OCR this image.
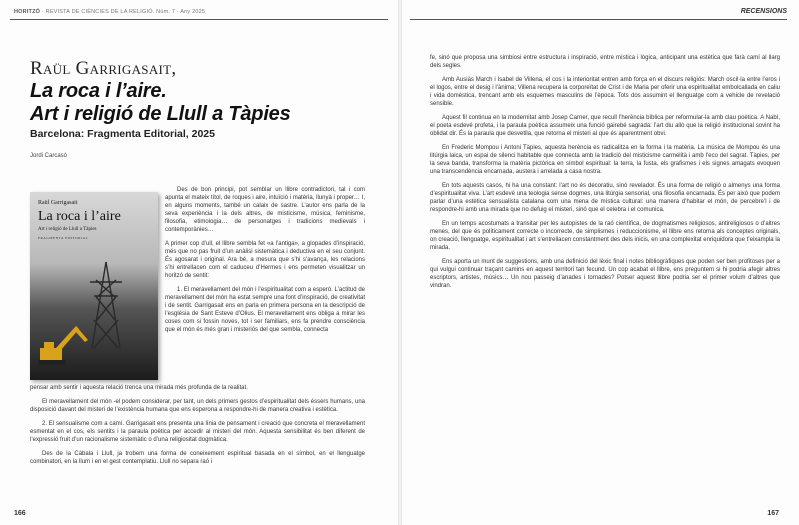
HORITZÓ · REVISTA DE CIÈNCIES DE LA RELIGIÓ. Núm. 7 · Any 2025
Raül Garrigasait,
La roca i l’aire.
Art i religió de Llull a Tàpies
Barcelona: Fragmenta Editorial, 2025
Jordi Carcasó
Raül Garrigasait
La roca i l’aire
Art i religió de Llull a Tàpies
FRAGMENTA EDITORIAL

Des de bon principi, pot semblar un llibre contradictori, tal i com apunta el mateix títol, de roques i aire, intuïció i matèria, llunyà i proper… I, en alguns moments, també un calaix de sastre. L’autor ens parla de la seva experiència i la dels altres, de misticisme, música, feminisme, filosofia, etimologia… de personatges i tradicions medievals i contemporànies…

A primer cop d’ull, el llibre sembla fet «a l’antiga», a glopades d’inspiració, més que no pas fruit d’un anàlisi sistemàtica i deductiva en el seu conjunt. És agosarat i original. Ara bé, a mesura que s’hi s’avança, les relacions s’hi entrellacen com el caduceu d’Hermes i ens permeten visualitzar un horitzó de sentit:

1. El meravellament del món i l’espiritualitat com a esperó. L’actitud de meravellament del món ha estat sempre una font d’inspiració, de creativitat i de sentit. Garrigasait ens en parla en primera persona en la descripció de l’església de Sant Esteve d’Olius. El meravellament ens obliga a mirar les coses com si fossin noves, tot i ser familiars, ens fa prendre consciència que el món és més gran i misteriós del que sembla, connecta

pensar amb sentir i aquesta relació trenca una mirada més profunda de la realitat.

El meravellament del món -el podem considerar, per tant, un dels primers gestos d’espiritualitat dels éssers humans, una disposició davant del misteri de l’existència humana que ens esperona a respondre-hi de manera creativa i estètica.

2. El sensualisme com a camí. Garrigasait ens presenta una línia de pensament i creació que concreta el meravellament esmentat en el cos, els sentits i la paraula poètica per accedir al misteri del món. Aquesta sensibilitat és ben diferent de l’expressió fruit d’un racionalisme sistemàtic o d’una religiositat dogmàtica.

Des de la Càbala i Llull, ja trobem una forma de coneixement espiritual basada en el símbol, en el llenguatge combinatori, en la llum i en el gest contemplatiu. Llull no separa raó i

166
RECENSIONS

fe, sinó que proposa una simbiosi entre estructura i inspiració, entre mística i lògica, anticipant una estètica que farà camí al llarg dels segles.

Amb Ausiàs March i Isabel de Villena, el cos i la interioritat entren amb força en el discurs religiós: March oscil·la entre l’eros i el logos, entre el desig i l’ànima; Villena recupera la corporeïtat de Crist i de Maria per oferir una espiritualitat embolcallada en caliu i vida domèstica, trencant amb els esquemes masculins de l’època. Tots dos assumint el llenguatge com a vehicle de revelació sensible.

Aquest fil continua en la modernitat amb Josep Carner, que recull l’herència bíblica per reformular-la amb clau poètica. A Nabí, el poeta esdevé profeta, i la paraula poètica assumeix una funció gairebé sagrada: l’art diu allò que la religió institucional sovint ha oblidat dir. És la paraula que desvetlla, que retorna el misteri al que és aparentment obvi.

En Frederic Mompou i Antoni Tàpies, aquesta herència es radicalitza en la forma i la matèria. La música de Mompou és una litúrgia laica, un espai de silenci habitable que connecta amb la tradició del misticisme carmelità i amb l’eco del sagrat. Tàpies, per la seva banda, transforma la matèria pictòrica en símbol espiritual: la terra, la fusta, els grafismes i els signes amagats evoquen una transcendència encarnada, austera i arrelada a casa nostra.

En tots aquests casos, hi ha una constant: l’art no és decoratiu, sinó revelador. És una forma de religió o almenys una forma d’espiritualitat viva. L’art esdevé una teologia sense dogmes, una litúrgia sensorial, una filosofia encarnada. És per això que podem parlar d’una estètica sensualista catalana com una mena de mística cultural: una manera d’habitar el món, de percebre’l i de respondre-hi amb una mirada que no defuig el misteri, sinó que el celebra i el comunica.

En un temps acostumats a transitar per les autopistes de la raó científica, de dogmatismes religiosos, antireligiosos o d’altres menes, del que és políticament correcte o incorrecte, de simplismes i reduccionisme, el llibre ens retorna als conceptes originals, on creació, llenguatge, espiritualitat i art s’entrellacen constantment des dels inicis, en una complexitat enriquidora que t’eixampla la mirada.

Ens aporta un munt de suggestions, amb una definició del lèxic final i notes bibliogràfiques que poden ser ben profitoses per a qui vulgui continuar traçant camins en aquest territori tan fecund. Un cop acabat el llibre, ens preguntem si hi podria afegir altres escriptors, artistes, músics… Un nou passeig d’anades i tornades? Potser aquest llibre podria ser el primer volum d’altres que vindran.

167
